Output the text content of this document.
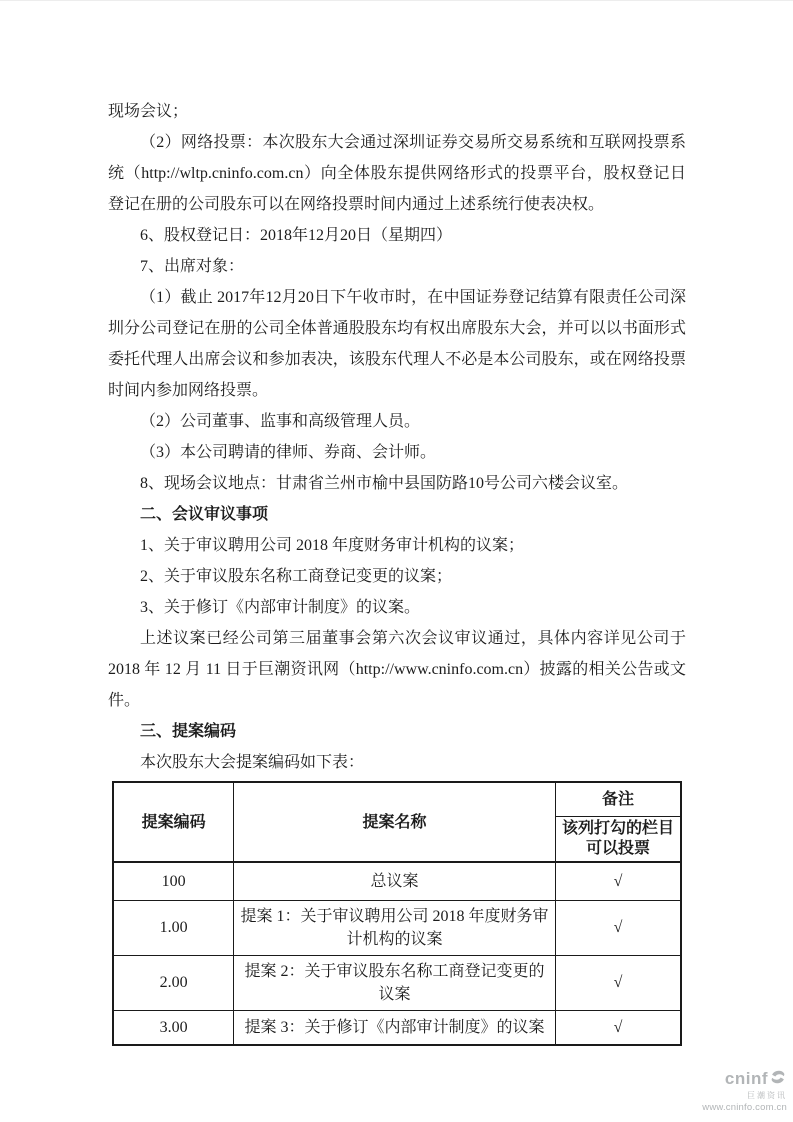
现场会议；

（2）网络投票：本次股东大会通过深圳证券交易所交易系统和互联网投票系统（http://wltp.cninfo.com.cn）向全体股东提供网络形式的投票平台，股权登记日登记在册的公司股东可以在网络投票时间内通过上述系统行使表决权。

6、股权登记日：2018年12月20日（星期四）

7、出席对象：

（1）截止 2017年12月20日下午收市时，在中国证券登记结算有限责任公司深圳分公司登记在册的公司全体普通股股东均有权出席股东大会，并可以以书面形式委托代理人出席会议和参加表决，该股东代理人不必是本公司股东，或在网络投票时间内参加网络投票。

（2）公司董事、监事和高级管理人员。

（3）本公司聘请的律师、券商、会计师。

8、现场会议地点：甘肃省兰州市榆中县国防路10号公司六楼会议室。

二、会议审议事项

1、关于审议聘用公司 2018 年度财务审计机构的议案；

2、关于审议股东名称工商登记变更的议案；

3、关于修订《内部审计制度》的议案。

上述议案已经公司第三届董事会第六次会议审议通过，具体内容详见公司于2018 年 12 月 11 日于巨潮资讯网（http://www.cninfo.com.cn）披露的相关公告或文件。

三、提案编码

本次股东大会提案编码如下表：

提案编码	提案名称	备注
		该列打勾的栏目可以投票
100	总议案	√
1.00	提案 1：关于审议聘用公司 2018 年度财务审计机构的议案	√
2.00	提案 2：关于审议股东名称工商登记变更的议案	√
3.00	提案 3：关于修订《内部审计制度》的议案	√
cninf
巨潮资讯
www.cninfo.com.cn
